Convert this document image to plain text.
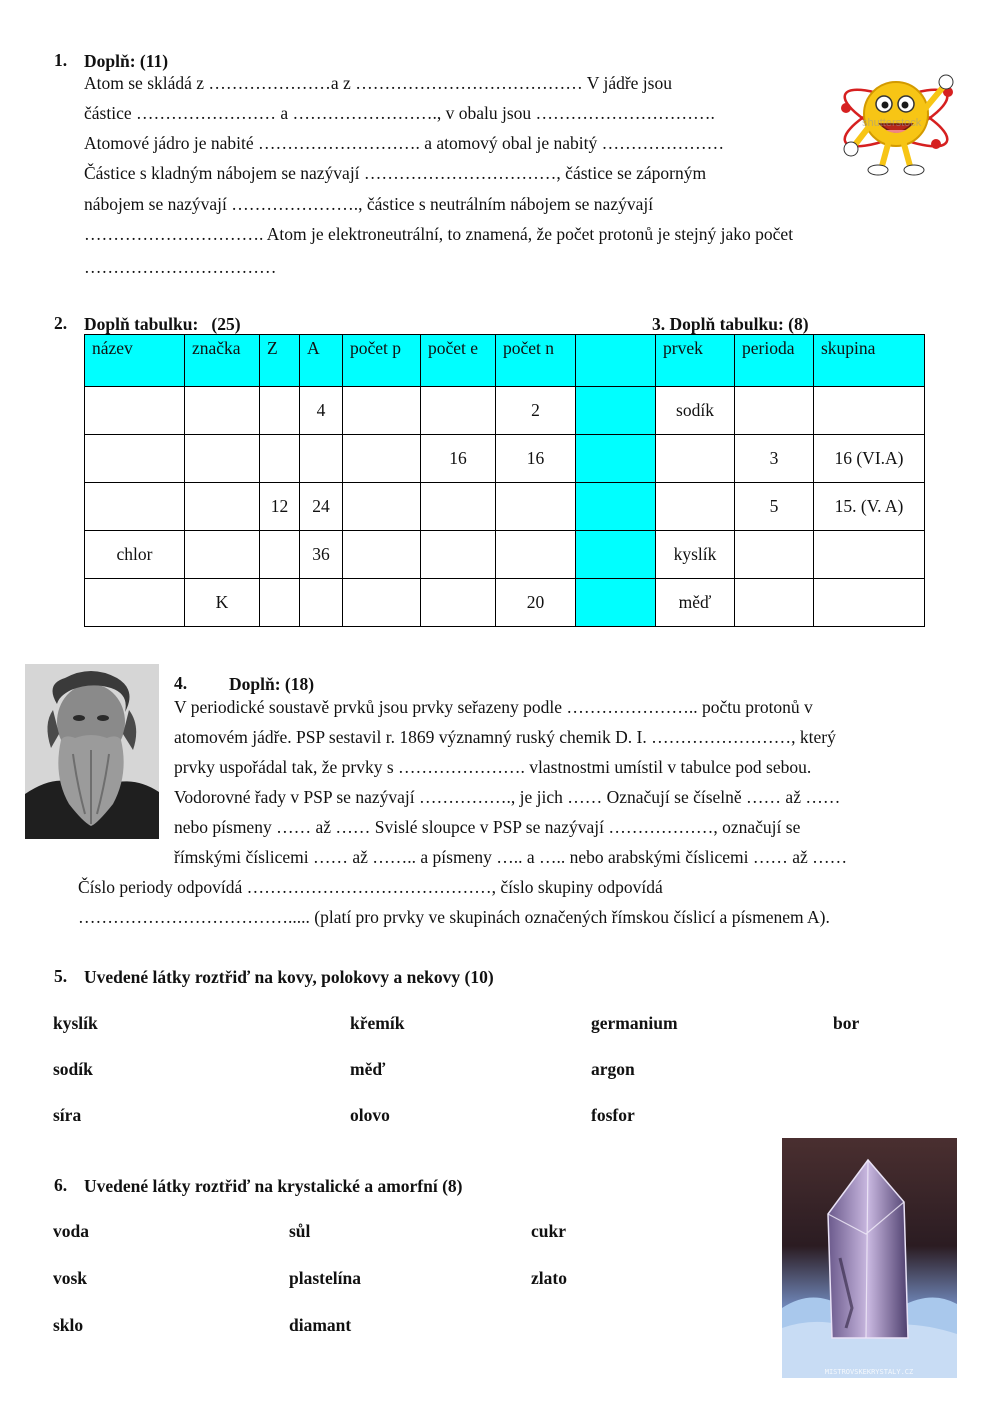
1. Doplň: (11)
Atom se skládá z …………………a z ………………………………… V jádře jsou
částice …………………… a ……………………., v obalu jsou ………………………….
Atomové jádro je nabité ………………………. a atomový obal je nabitý …………………
Částice s kladným nábojem se nazývají ……………………………, částice se záporným
nábojem se nazývají …………………., částice s neutrálním nábojem se nazývají
…………………………. Atom je elektroneutrální, to znamená, že počet protonů je stejný jako počet
……………………………
shutterstock
2. Doplň tabulku:   (25)	3. Doplň tabulku: (8)
název	značka	Z	A	počet p	počet e	počet n		prvek	perioda	skupina
			4			2		sodík		
					16	16			3	16 (VI.A)
		12	24						5	15. (V. A)
chlor			36					kyslík		
	K					20		měď		
4. Doplň: (18)
V periodické soustavě prvků jsou prvky seřazeny podle ………………….. počtu protonů v
atomovém jádře. PSP sestavil r. 1869 významný ruský chemik D. I. ……………………, který
prvky uspořádal tak, že prvky s …………………. vlastnostmi umístil v tabulce pod sebou.
Vodorovné řady v PSP se nazývají ……………., je jich …… Označují se číselně …… až ……
nebo písmeny …… až …… Svislé sloupce v PSP se nazývají ………………, označují se
římskými číslicemi …… až …….. a písmeny ….. a ….. nebo arabskými číslicemi …… až ……
Číslo periody odpovídá ……………………………………, číslo skupiny odpovídá
………………………………..... (platí pro prvky ve skupinách označených římskou číslicí a písmenem A).
5. Uvedené látky roztřiď na kovy, polokovy a nekovy (10)
kyslík	křemík	germanium	bor
sodík	měď	argon
síra	olovo	fosfor
6. Uvedené látky roztřiď na krystalické a amorfní (8)
voda	sůl	cukr
vosk	plastelína	zlato
sklo	diamant
MISTROVSKEKRYSTALY.CZ
